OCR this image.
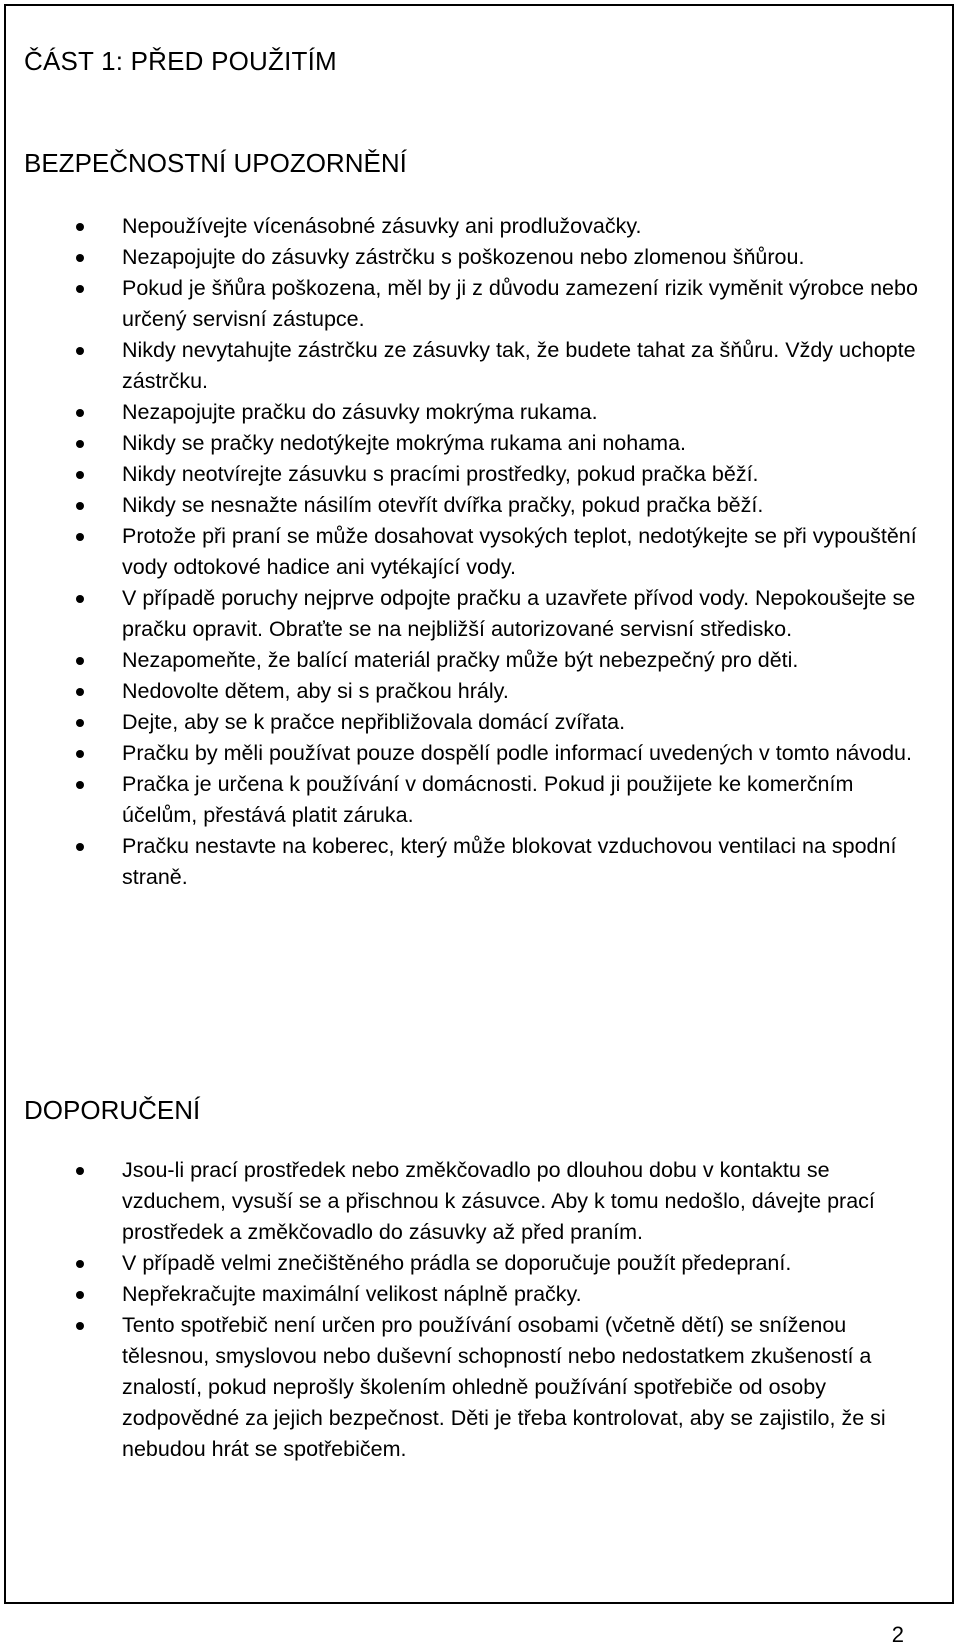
ČÁST 1: PŘED POUŽITÍM
BEZPEČNOSTNÍ UPOZORNĚNÍ
Nepoužívejte vícenásobné zásuvky ani prodlužovačky.
Nezapojujte do zásuvky zástrčku s poškozenou nebo zlomenou šňůrou.
Pokud je šňůra poškozena, měl by ji z důvodu zamezení rizik vyměnit výrobce nebo určený servisní zástupce.
Nikdy nevytahujte zástrčku ze zásuvky tak, že budete tahat za šňůru. Vždy uchopte zástrčku.
Nezapojujte pračku do zásuvky mokrýma rukama.
Nikdy se pračky nedotýkejte mokrýma rukama ani nohama.
Nikdy neotvírejte zásuvku s pracími prostředky, pokud pračka běží.
Nikdy se nesnažte násilím otevřít dvířka pračky, pokud pračka běží.
Protože při praní se může dosahovat vysokých teplot, nedotýkejte se při vypouštění vody odtokové hadice ani vytékající vody.
V případě poruchy nejprve odpojte pračku a uzavřete přívod vody. Nepokoušejte se pračku opravit. Obraťte se na nejbližší autorizované servisní středisko.
Nezapomeňte, že balící materiál pračky může být nebezpečný pro děti.
Nedovolte dětem, aby si s pračkou hrály.
Dejte, aby se k pračce nepřibližovala domácí zvířata.
Pračku by měli používat pouze dospělí podle informací uvedených v tomto návodu.
Pračka je určena k používání v domácnosti. Pokud ji použijete ke komerčním účelům, přestává platit záruka.
Pračku nestavte na koberec, který může blokovat vzduchovou ventilaci na spodní straně.
DOPORUČENÍ
Jsou-li prací prostředek nebo změkčovadlo po dlouhou dobu v kontaktu se vzduchem, vysuší se a přischnou k zásuvce. Aby k tomu nedošlo, dávejte prací prostředek a změkčovadlo do zásuvky až před praním.
V případě velmi znečištěného prádla se doporučuje použít předepraní.
Nepřekračujte maximální velikost náplně pračky.
Tento spotřebič není určen pro používání osobami (včetně dětí) se sníženou tělesnou, smyslovou nebo duševní schopností nebo nedostatkem zkušeností a znalostí, pokud neprošly školením ohledně používání spotřebiče od osoby zodpovědné za jejich bezpečnost. Děti je třeba kontrolovat, aby se zajistilo, že si nebudou hrát se spotřebičem.
2
